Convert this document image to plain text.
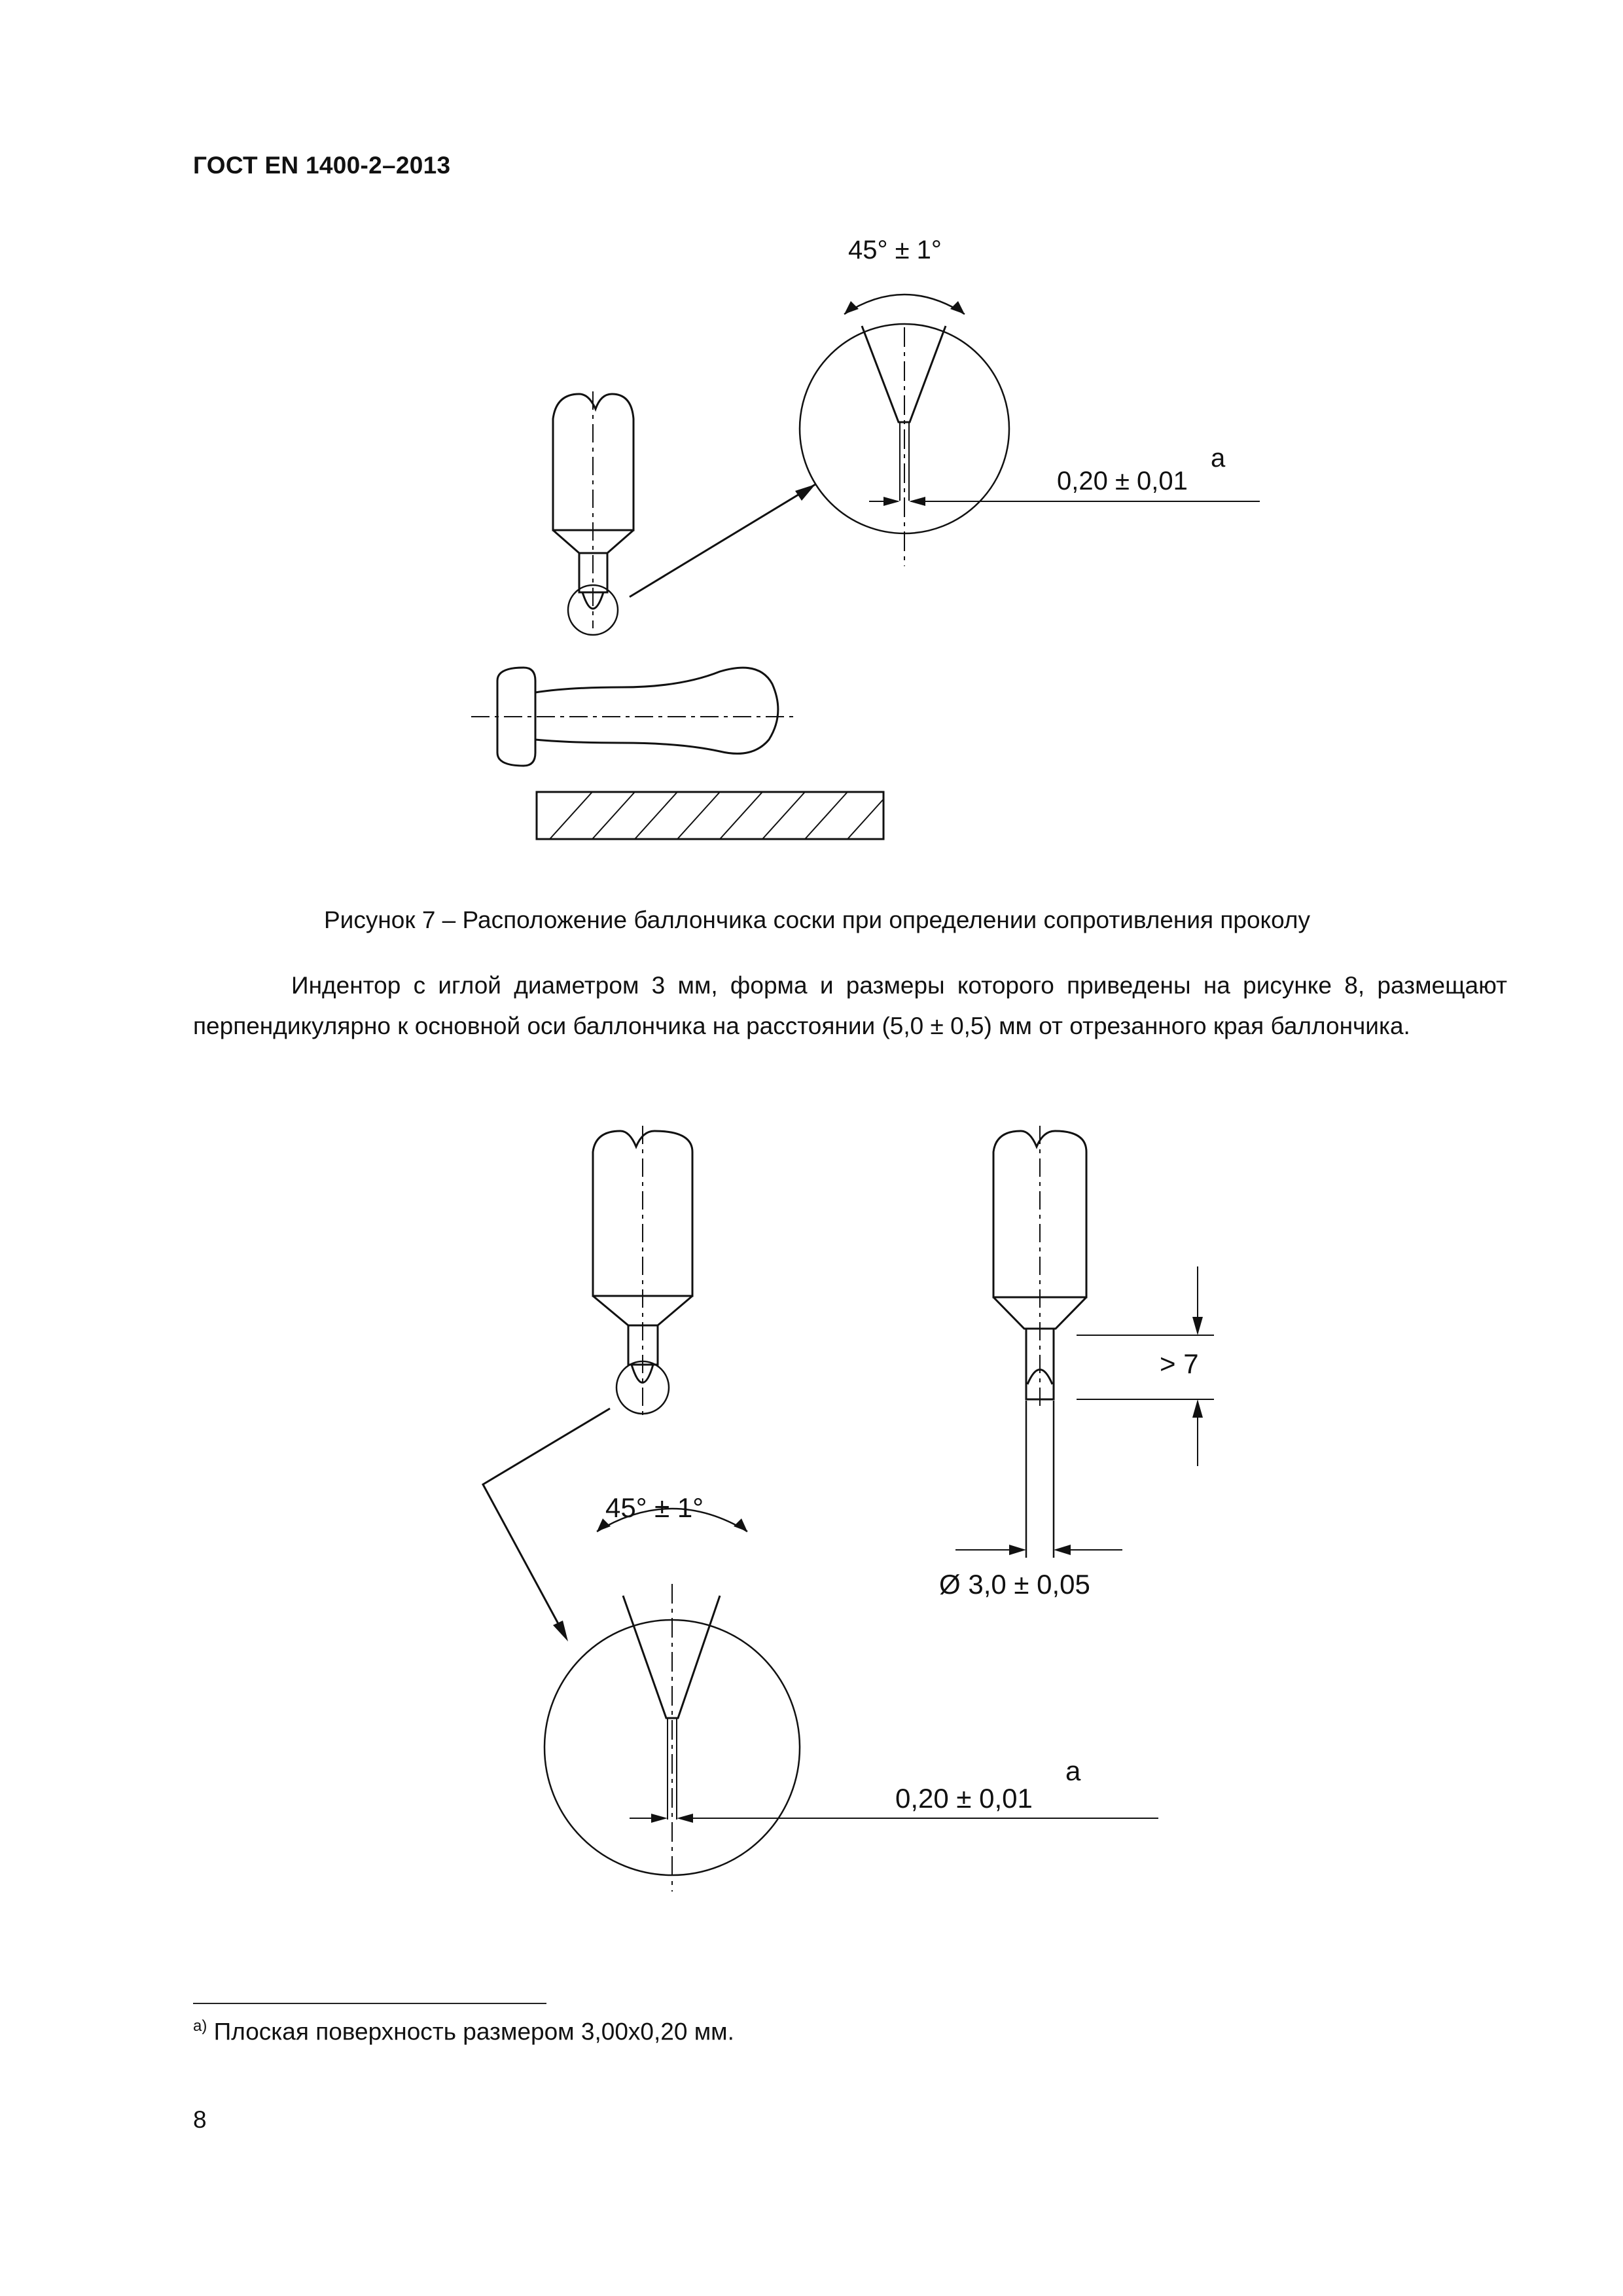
ГОСТ EN 1400-2–2013
45° ± 1°
0,20 ± 0,01
a
Рисунок 7 – Расположение баллончика соски при определении сопротивления проколу

Индентор с иглой диаметром 3 мм, форма и размеры которого приведены на рисунке 8, размещают перпендикулярно к основной оси баллончика на расстоянии (5,0 ± 0,5) мм от отрезанного края баллончика.

45° ± 1°
0,20 ± 0,01
a
> 7
Ø 3,0 ± 0,05
$^{а)}$ Плоская поверхность размером 3,00x0,20 мм.
8
